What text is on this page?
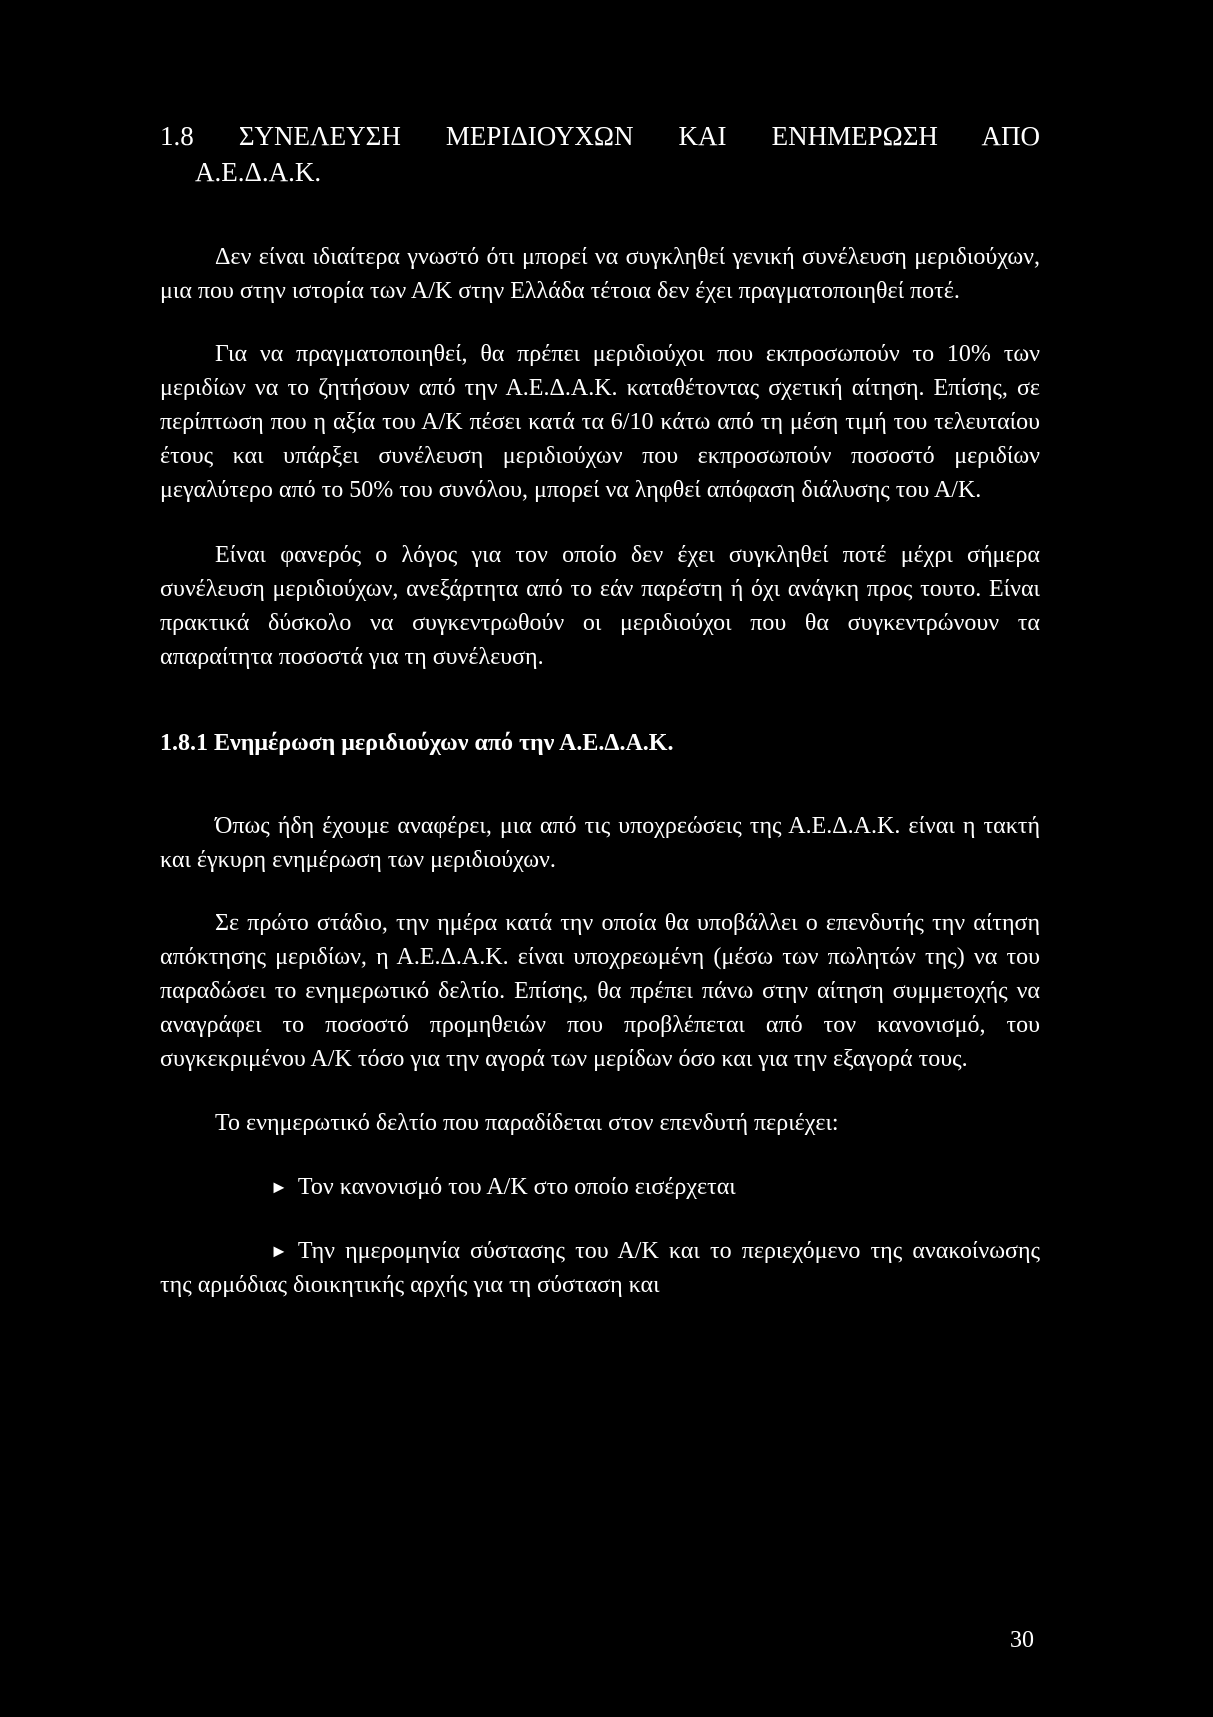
1.8 ΣΥΝΕΛΕΥΣΗ ΜΕΡΙΔΙΟΥΧΩΝ ΚΑΙ ΕΝΗΜΕΡΩΣΗ ΑΠΟ

Α.Ε.Δ.Α.Κ.

Δεν είναι ιδιαίτερα γνωστό ότι μπορεί να συγκληθεί γενική συνέλευση μεριδιούχων, μια που στην ιστορία των Α/Κ στην Ελλάδα τέτοια δεν έχει πραγματοποιηθεί ποτέ.

Για να πραγματοποιηθεί, θα πρέπει μεριδιούχοι που εκπροσωπούν το 10% των μεριδίων να το ζητήσουν από την Α.Ε.Δ.Α.Κ. καταθέτοντας σχετική αίτηση. Επίσης, σε περίπτωση που η αξία του Α/Κ πέσει κατά τα 6/10 κάτω από τη μέση τιμή του τελευταίου έτους και υπάρξει συνέλευση μεριδιούχων που εκπροσωπούν ποσοστό μεριδίων μεγαλύτερο από το 50% του συνόλου, μπορεί να ληφθεί απόφαση διάλυσης του Α/Κ.

Είναι φανερός ο λόγος για τον οποίο δεν έχει συγκληθεί ποτέ μέχρι σήμερα συνέλευση μεριδιούχων, ανεξάρτητα από το εάν παρέστη ή όχι ανάγκη προς τουτο. Είναι πρακτικά δύσκολο να συγκεντρωθούν οι μεριδιούχοι που θα συγκεντρώνουν τα απαραίτητα ποσοστά για τη συνέλευση.

1.8.1 Ενημέρωση μεριδιούχων από την Α.Ε.Δ.Α.Κ.

Όπως ήδη έχουμε αναφέρει, μια από τις υποχρεώσεις της Α.Ε.Δ.Α.Κ. είναι η τακτή και έγκυρη ενημέρωση των μεριδιούχων.

Σε πρώτο στάδιο, την ημέρα κατά την οποία θα υποβάλλει ο επενδυτής την αίτηση απόκτησης μεριδίων, η Α.Ε.Δ.Α.Κ. είναι υποχρεωμένη (μέσω των πωλητών της) να του παραδώσει το ενημερωτικό δελτίο. Επίσης, θα πρέπει πάνω στην αίτηση συμμετοχής να αναγράφει το ποσοστό προμηθειών που προβλέπεται από τον κανονισμό, του συγκεκριμένου Α/Κ τόσο για την αγορά των μερίδων όσο και για την εξαγορά τους.

Το ενημερωτικό δελτίο που παραδίδεται στον επενδυτή περιέχει:

► Τον κανονισμό του Α/Κ στο οποίο εισέρχεται

► Την ημερομηνία σύστασης του Α/Κ και το περιεχόμενο της ανακοίνωσης της αρμόδιας διοικητικής αρχής για τη σύσταση και

30
